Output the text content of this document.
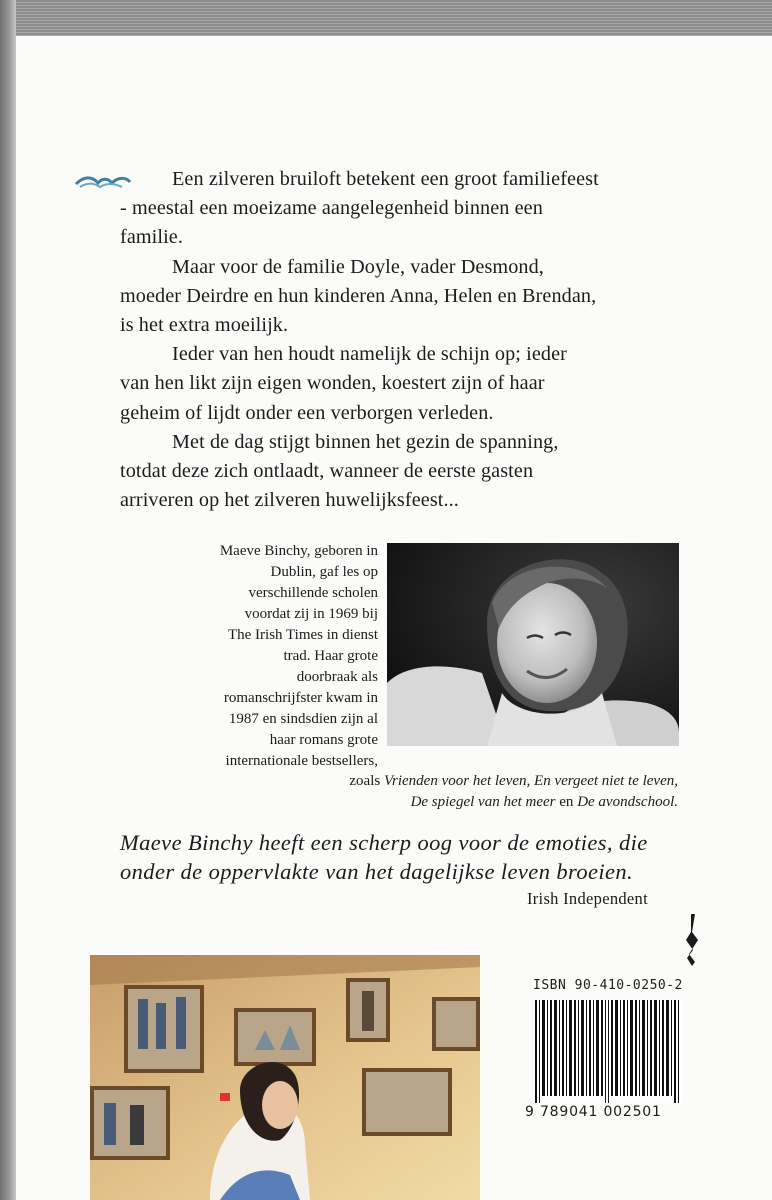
Een zilveren bruiloft betekent een groot familiefeest - meestal een moeizame aangelegenheid binnen een familie.

Maar voor de familie Doyle, vader Desmond, moeder Deirdre en hun kinderen Anna, Helen en Brendan, is het extra moeilijk.

Ieder van hen houdt namelijk de schijn op; ieder van hen likt zijn eigen wonden, koestert zijn of haar geheim of lijdt onder een verborgen verleden.

Met de dag stijgt binnen het gezin de spanning, totdat deze zich ontlaadt, wanneer de eerste gasten arriveren op het zilveren huwelijksfeest...

Maeve Binchy, geboren in
Dublin, gaf les op
verschillende scholen
voordat zij in 1969 bij
The Irish Times in dienst
trad. Haar grote
doorbraak als
romanschrijfster kwam in
1987 en sindsdien zijn al
haar romans grote
internationale bestsellers,
zoals Vrienden voor het leven, En vergeet niet te leven,
De spiegel van het meer en De avondschool.
Maeve Binchy heeft een scherp oog voor de emoties, die onder de oppervlakte van het dagelijkse leven broeien.
Irish Independent
ISBN 90-410-0250-2
9 789041 002501
